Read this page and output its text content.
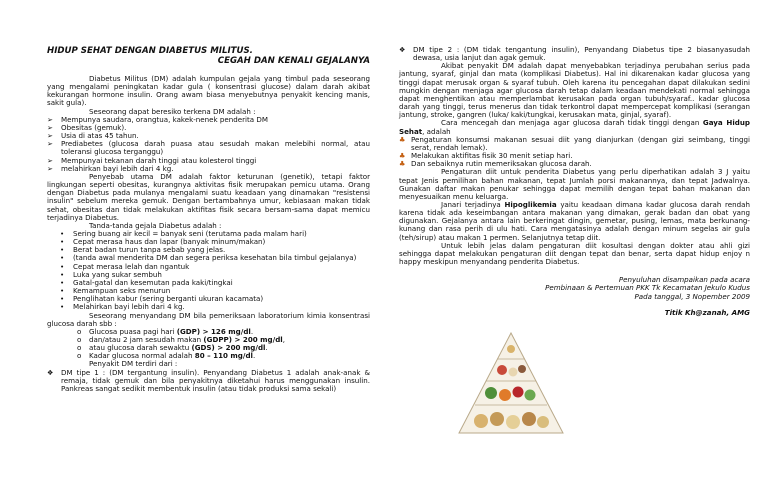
HIDUP SEHAT DENGAN DIABETUS MILITUS.

CEGAH DAN KENALI GEJALANYA

Diabetus Militus (DM) adalah kumpulan gejala yang timbul pada seseorang yang mengalami peningkatan kadar gula ( konsentrasi glucose) dalam darah akibat kekurangan hormone insulin. Orang awam biasa menyebutnya penyakit kencing manis, sakit gula).

Seseorang dapat beresiko terkena DM adalah :

➢ Mempunya saudara, orangtua, kakek-nenek penderita DM
➢ Obesitas (gemuk).
➢ Usia di atas 45 tahun.
➢ Prediabetes (glucosa darah puasa atau sesudah makan melebihi normal, atau toleransi glucosa terganggu)
➢ Mempunyai tekanan darah tinggi atau kolesterol tinggi
➢ melahirkan bayi lebih dari 4 kg.

Penyebab utama DM adalah faktor keturunan (genetik), tetapi faktor lingkungan seperti obesitas, kurangnya aktivitas fisik merupakan pemicu utama. Orang dengan Diabetus pada mulanya mengalami suatu keadaan yang dinamakan "resistensi insulin" sebelum mereka gemuk. Dengan bertambahnya umur, kebiasaan makan tidak sehat, obesitas dan tidak melakukan aktifitas fisik secara bersam-sama dapat memicu terjadinya Diabetus.

Tanda-tanda gejala Diabetus adalah :

• Sering buang air kecil = banyak seni (terutama pada malam hari)
• Cepat merasa haus dan lapar (banyak minum/makan)
• Berat badan turun tanpa sebab yang jelas.
• (tanda awal menderita DM dan segera periksa kesehatan bila timbul gejalanya)
• Cepat merasa lelah dan ngantuk
• Luka yang sukar sembuh
• Gatal-gatal dan kesemutan pada kaki/tingkai
• Kemampuan seks menurun
• Penglihatan kabur (sering berganti ukuran kacamata)
• Melahirkan bayi lebih dari 4 kg.

Seseorang menyandang DM bila pemeriksaan laboratorium kimia konsentrasi glucosa darah sbb :

o Glucosa puasa pagi hari (GDP) > 126 mg/dl.
o dan/atau 2 jam sesudah makan (GDPP) > 200 mg/dl,
o atau glucosa darah sewaktu (GDS) > 200 mg/dl.
o Kadar glucosa normal adalah 80 – 110 mg/dl.

Penyakit DM terdiri dari :

❖ DM tipe 1 : (DM tergantung insulin). Penyandang Diabetus 1 adalah anak-anak & remaja, tidak gemuk dan bila penyakitnya diketahui harus menggunakan insulin. Pankreas sangat sedikit membentuk insulin (atau tidak produksi sama sekali)
❖ DM tipe 2 : (DM tidak tengantung insulin), Penyandang Diabetus tipe 2 biasanyasudah dewasa, usia lanjut dan agak gemuk.

Akibat penyakit DM adalah dapat menyebabkan terjadinya perubahan serius pada jantung, syaraf, ginjal dan mata (komplikasi Diabetus). Hal ini dikarenakan kadar glucosa yang tinggi dapat merusak organ & syaraf tubuh. Oleh karena itu pencegahan dapat dilakukan sedini mungkin dengan menjaga agar glucosa darah tetap dalam keadaan mendekati normal sehingga dapat menghentikan atau memperlambat kerusakan pada organ tubuh/syaraf.. kadar glucosa darah yang tinggi, terus menerus dan tidak terkontrol dapat mempercepat komplikasi (serangan jantung, stroke, gangren (luka/ kaki/tungkai, kerusakan mata, ginjal, syaraf).

Cara mencegah dan menjaga agar glucosa darah tidak tinggi dengan Gaya Hidup Sehat, adalah

♣ Pengaturan konsumsi makanan sesuai diit yang dianjurkan (dengan gizi seimbang, tinggi serat, rendah lemak).
♣ Melakukan aktifitas fisik 30 menit setiap hari.
♣ Dan sebaiknya rutin memeriksakan glucosa darah.

Pengaturan diit untuk penderita Diabetus yang perlu diperhatikan adalah 3 J yaitu tepat Jenis pemilihan bahan makanan, tepat Jumlah porsi makanannya, dan tepat Jadwalnya. Gunakan daftar makan penukar sehingga dapat memilih dengan tepat bahan makanan dan menyesuaikan menu keluarga.

Janari terjadinya Hipoglikemia yaitu keadaan dimana kadar glucosa darah rendah karena tidak ada keseimbangan antara makanan yang dimakan, gerak badan dan obat yang digunakan. Gejalanya antara lain berkeringat dingin, gemetar, pusing, lemas, mata berkunang-kunang dan rasa perih di ulu hati. Cara mengatasinya adalah dengan minum segelas air gula (teh/sirup) atau makan 1 permen. Selanjutnya tetap diit.

Untuk lebih jelas dalam pengaturan diit kosultasi dengan dokter atau ahli gizi sehingga dapat melakukan pengaturan diit dengan tepat dan benar, serta dapat hidup enjoy n happy meskipun menyandang penderita Diabetus.

Penyuluhan disampaikan pada acara

Pembinaan & Pertemuan PKK Tk Kecamatan Jekulo Kudus

Pada tanggal, 3 Nopember 2009

Titik Kh@zanah, AMG
